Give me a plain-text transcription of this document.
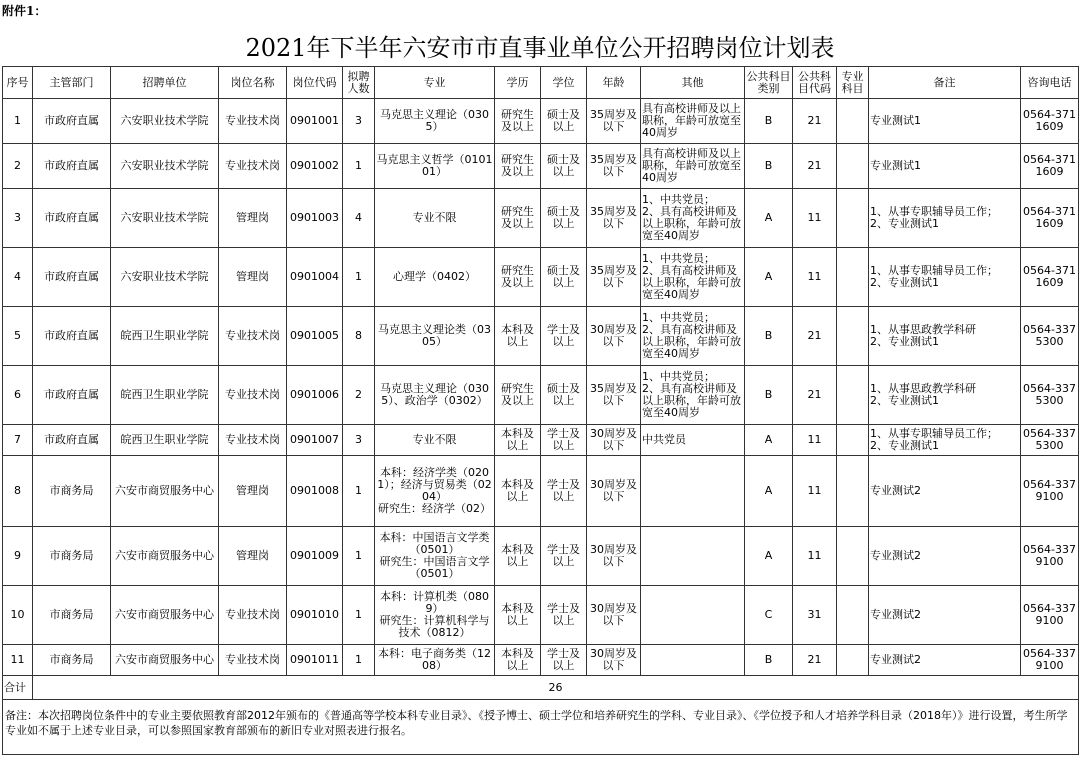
附件1：
2021年下半年六安市市直事业单位公开招聘岗位计划表
序号	主管部门	招聘单位	岗位名称	岗位代码	拟聘人数	专业	学历	学位	年龄	其他	公共科目类别	公共科目代码	专业科目	备注	咨询电话
1	市政府直属	六安职业技术学院	专业技术岗	0901001	3	马克思主义理论（0305）	研究生及以上	硕士及以上	35周岁及以下	具有高校讲师及以上职称，年龄可放宽至40周岁	B	21		专业测试1	0564-3711609
2	市政府直属	六安职业技术学院	专业技术岗	0901002	1	马克思主义哲学（010101）	研究生及以上	硕士及以上	35周岁及以下	具有高校讲师及以上职称，年龄可放宽至40周岁	B	21		专业测试1	0564-3711609
3	市政府直属	六安职业技术学院	管理岗	0901003	4	专业不限	研究生及以上	硕士及以上	35周岁及以下	1、中共党员；
2、具有高校讲师及以上职称，年龄可放宽至40周岁	A	11		1、从事专职辅导员工作；
2、专业测试1	0564-3711609
4	市政府直属	六安职业技术学院	管理岗	0901004	1	心理学（0402）	研究生及以上	硕士及以上	35周岁及以下	1、中共党员；
2、具有高校讲师及以上职称，年龄可放宽至40周岁	A	11		1、从事专职辅导员工作；
2、专业测试1	0564-3711609
5	市政府直属	皖西卫生职业学院	专业技术岗	0901005	8	马克思主义理论类（0305）	本科及以上	学士及以上	30周岁及以下	1、中共党员；
2、具有高校讲师及以上职称，年龄可放宽至40周岁	B	21		1、从事思政教学科研
2、专业测试1	0564-3375300
6	市政府直属	皖西卫生职业学院	专业技术岗	0901006	2	马克思主义理论（0305）、政治学（0302）	研究生及以上	硕士及以上	35周岁及以下	1、中共党员；
2、具有高校讲师及以上职称，年龄可放宽至40周岁	B	21		1、从事思政教学科研
2、专业测试1	0564-3375300
7	市政府直属	皖西卫生职业学院	专业技术岗	0901007	3	专业不限	本科及以上	学士及以上	30周岁及以下	中共党员	A	11		1、从事专职辅导员工作；
2、专业测试1	0564-3375300
8	市商务局	六安市商贸服务中心	管理岗	0901008	1	本科：经济学类（0201）；经济与贸易类（0204）
研究生：经济学（02）	本科及以上	学士及以上	30周岁及以下		A	11		专业测试2	0564-3379100
9	市商务局	六安市商贸服务中心	管理岗	0901009	1	本科：中国语言文学类（0501）
研究生：中国语言文学（0501）	本科及以上	学士及以上	30周岁及以下		A	11		专业测试2	0564-3379100
10	市商务局	六安市商贸服务中心	专业技术岗	0901010	1	本科：计算机类（0809）
研究生：计算机科学与技术（0812）	本科及以上	学士及以上	30周岁及以下		C	31		专业测试2	0564-3379100
11	市商务局	六安市商贸服务中心	专业技术岗	0901011	1	本科：电子商务类（1208）	本科及以上	学士及以上	30周岁及以下		B	21		专业测试2	0564-3379100
合计	26														
备注：本次招聘岗位条件中的专业主要依照教育部2012年颁布的《普通高等学校本科专业目录》、《授予博士、硕士学位和培养研究生的学科、专业目录》、《学位授予和人才培养学科目录（2018年）》进行设置，考生所学专业如不属于上述专业目录，可以参照国家教育部颁布的新旧专业对照表进行报名。															
